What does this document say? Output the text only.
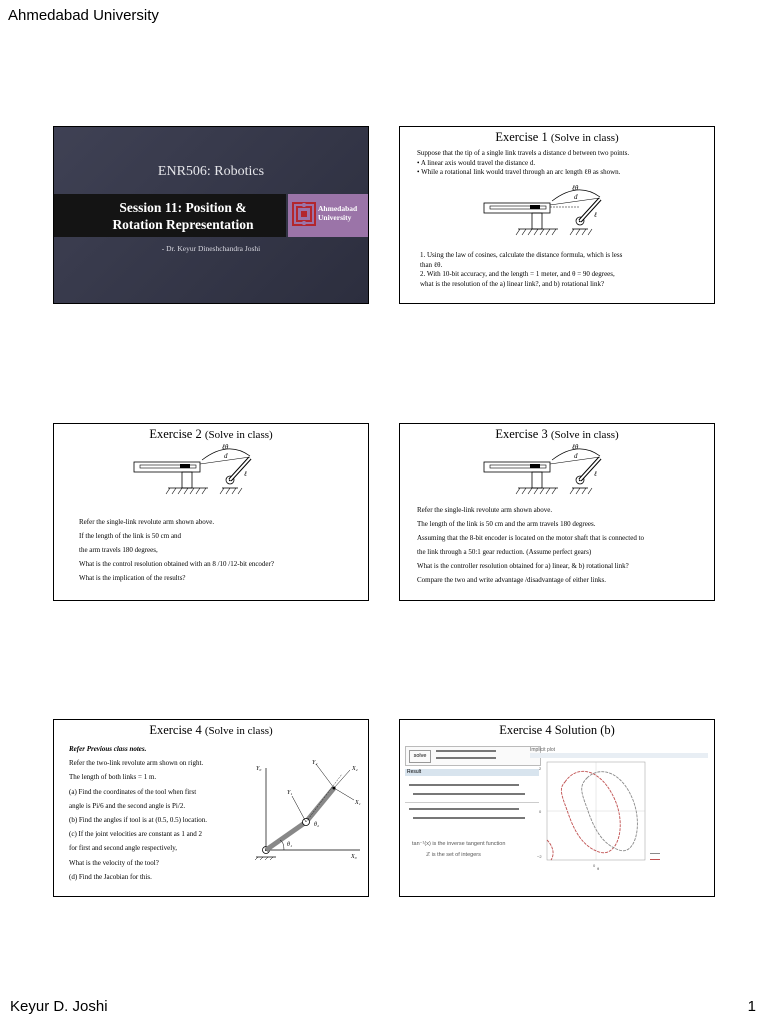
Ahmedabad University
ENR506: Robotics
Session 11: Position &
Rotation Representation
Ahmedabad
University
- Dr. Keyur Dineshchandra Joshi
Exercise 1 (Solve in class)
Suppose that the tip of a single link travels a distance d between two points.
• A linear axis would travel the distance d.
• While a rotational link would travel through an arc length ℓθ as shown.
ℓθ
d
ℓ
1. Using the law of cosines, calculate the distance formula, which is less
than ℓθ.
2. With 10-bit accuracy, and the length = 1 meter, and θ = 90 degrees,
what is the resolution of the a) linear link?, and b) rotational link?
Exercise 2 (Solve in class)
ℓθ
d
ℓ
Refer the single-link revolute arm shown above.
If the length of the link is 50 cm and
the arm travels 180 degrees,
What is the control resolution obtained with an 8 /10 /12-bit encoder?
What is the implication of the results?
Exercise 3 (Solve in class)
ℓθ
d
ℓ
Refer the single-link revolute arm shown above.
The length of the link is 50 cm and the arm travels 180 degrees.
Assuming that the 8-bit encoder is located on the motor shaft that is connected to
the link through a 50:1 gear reduction. (Assume perfect gears)
What is the controller resolution obtained for a) linear, & b) rotational link?
Compare the two and write advantage /disadvantage of either links.
Exercise 4 (Solve in class)
Refer Previous class notes.
Refer the two-link revolute arm shown on right.
The length of both links = 1 m.
(a) Find the coordinates of the tool when first
angle is Pi/6 and the second angle is Pi/2.
(b) Find the angles if tool is at (0.5, 0.5) location.
(c) If the joint velocities are constant as 1 and 2
for first and second angle respectively,
What is the velocity of the tool?
(d) Find the Jacobian for this.
Y₀
X₀
θ₁
θ₂
Y₁
Y₂
X₂
X₁
Exercise 4 Solution (b)
solve
Result
tan⁻¹(x) is the inverse tangent function
ℤ is the set of integers
Implicit plot
2
0
−2
0
θ
Keyur D. Joshi	1
